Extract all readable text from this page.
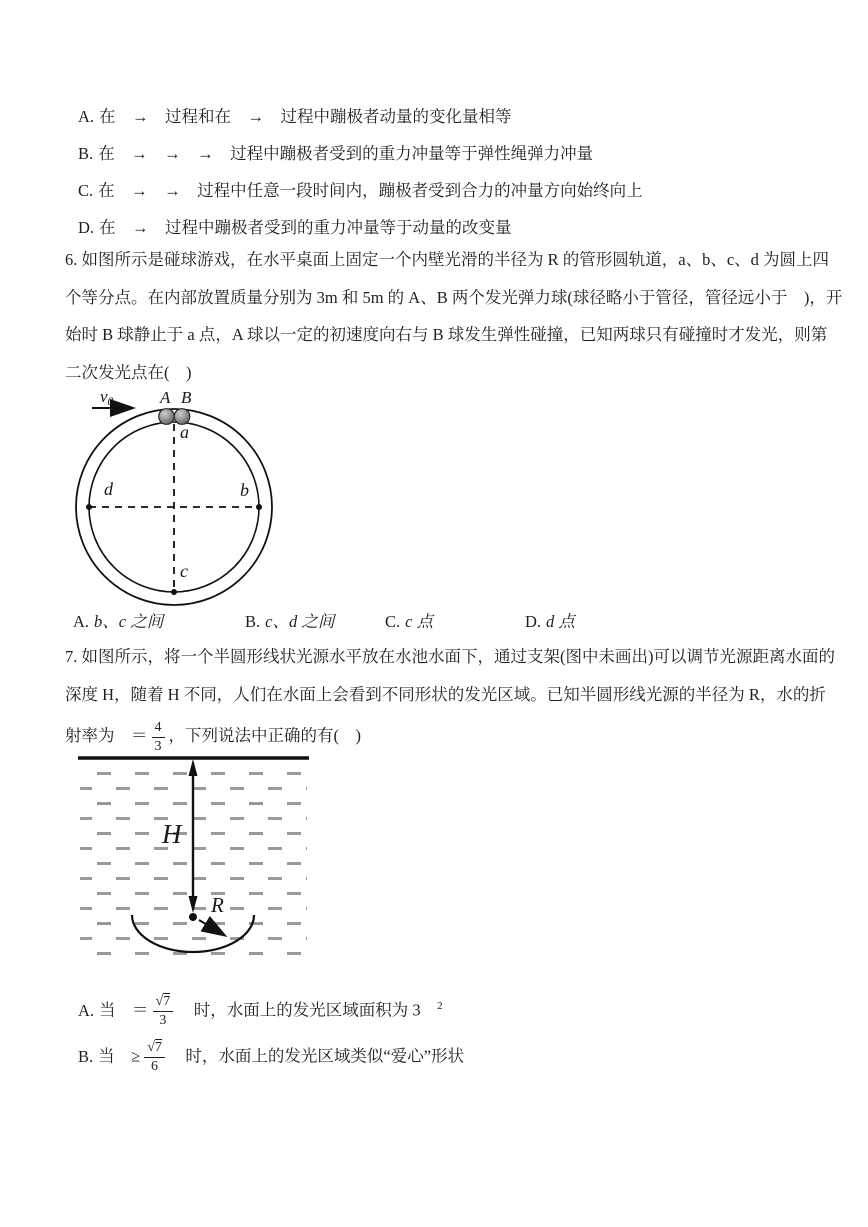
A. 在　→　过程和在　→　过程中蹦极者动量的变化量相等
B. 在　→　→　→　过程中蹦极者受到的重力冲量等于弹性绳弹力冲量
C. 在　→　→　过程中任意一段时间内，蹦极者受到合力的冲量方向始终向上
D. 在　→　过程中蹦极者受到的重力冲量等于动量的改变量
6. 如图所示是碰球游戏，在水平桌面上固定一个内壁光滑的半径为 R 的管形圆轨道，a、b、c、d 为圆上四
个等分点。在内部放置质量分别为 3m 和 5m 的 A、B 两个发光弹力球(球径略小于管径，管径远小于　)，开
始时 B 球静止于 a 点，A 球以一定的初速度向右与 B 球发生弹性碰撞，已知两球只有碰撞时才发光，则第
二次发光点在(　)
v0	A B
a
b
c
d
A. b、c 之间	B. c、d 之间	C. c 点	D. d 点
7. 如图所示，将一个半圆形线状光源水平放在水池水面下，通过支架(图中未画出)可以调节光源距离水面的
深度 H，随着 H 不同，人们在水面上会看到不同形状的发光区域。已知半圆形线光源的半径为 R，水的折
射率为　＝ $\frac{4}{3}$ ，下列说法中正确的有(　)
H
R
A. 当　＝ $\frac{√7}{3}$ 　时，水面上的发光区域面积为 3　$^2$
B. 当　≥ $\frac{√7}{6}$ 　时，水面上的发光区域类似“爱心”形状
